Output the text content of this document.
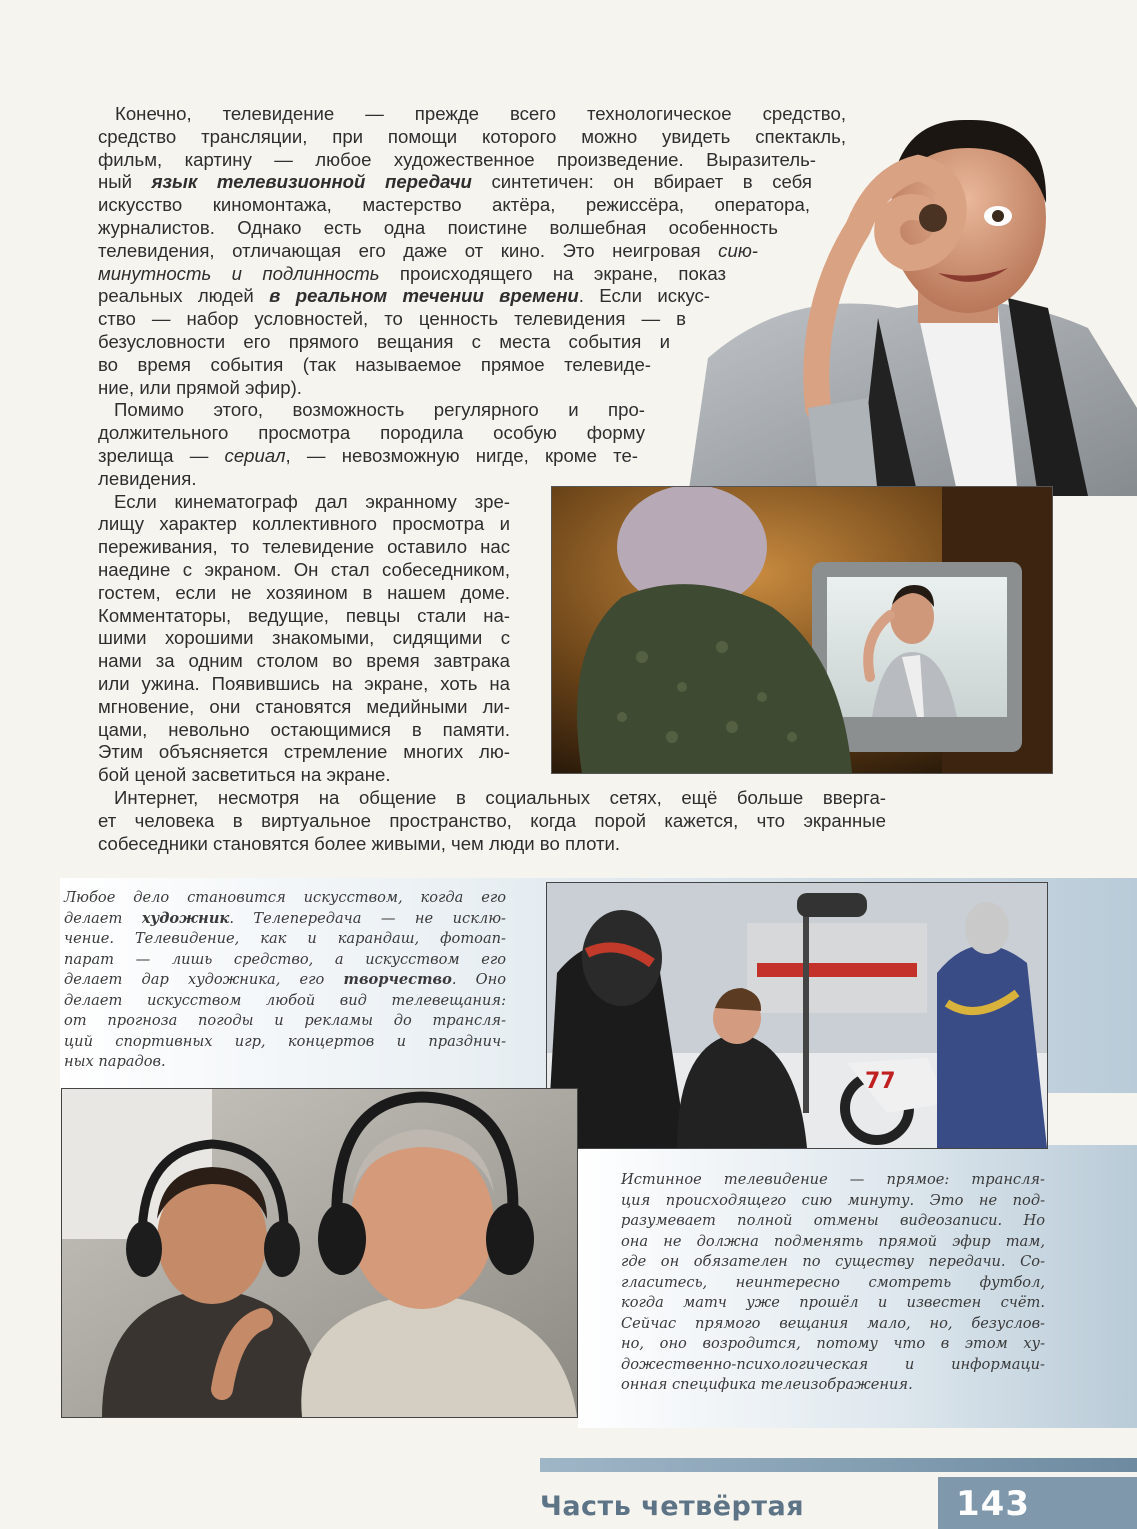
77
Конечно, телевидение — прежде всего технологическое средство,
средство трансляции, при помощи которого можно увидеть спектакль,
фильм, картину — любое художественное произведение. Выразитель-
ный язык телевизионной передачи синтетичен: он вбирает в себя
искусство киномонтажа, мастерство актёра, режиссёра, оператора,
журналистов. Однако есть одна поистине волшебная особенность
телевидения, отличающая его даже от кино. Это неигровая сию-
минутность и подлинность происходящего на экране, показ
реальных людей в реальном течении времени. Если искус-
ство — набор условностей, то ценность телевидения — в
безусловности его прямого вещания с места события и
во время события (так называемое прямое телевиде-
ние, или прямой эфир).
Помимо этого, возможность регулярного и про-
должительного просмотра породила особую форму
зрелища — сериал, — невозможную нигде, кроме те-
левидения.
Если кинематограф дал экранному зре-
лищу характер коллективного просмотра и
переживания, то телевидение оставило нас
наедине с экраном. Он стал собеседником,
гостем, если не хозяином в нашем доме.
Комментаторы, ведущие, певцы стали на-
шими хорошими знакомыми, сидящими с
нами за одним столом во время завтрака
или ужина. Появившись на экране, хоть на
мгновение, они становятся медийными ли-
цами, невольно остающимися в памяти.
Этим объясняется стремление многих лю-
бой ценой засветиться на экране.
Интернет, несмотря на общение в социальных сетях, ещё больше вверга-
ет человека в виртуальное пространство, когда порой кажется, что экранные
собеседники становятся более живыми, чем люди во плоти.
Любое дело становится искусством, когда его
делает художник. Телепередача — не исклю-
чение. Телевидение, как и карандаш, фотоап-
парат — лишь средство, а искусством его
делает дар художника, его творчество. Оно
делает искусством любой вид телевещания:
от прогноза погоды и рекламы до трансля-
ций спортивных игр, концертов и празднич-
ных парадов.
Истинное телевидение — прямое: трансля-
ция происходящего сию минуту. Это не под-
разумевает полной отмены видеозаписи. Но
она не должна подменять прямой эфир там,
где он обязателен по существу передачи. Со-
гласитесь, неинтересно смотреть футбол,
когда матч уже прошёл и известен счёт.
Сейчас прямого вещания мало, но, безуслов-
но, оно возродится, потому что в этом ху-
дожественно-психологическая и информаци-
онная специфика телеизображения.
Часть четвёртая	143
